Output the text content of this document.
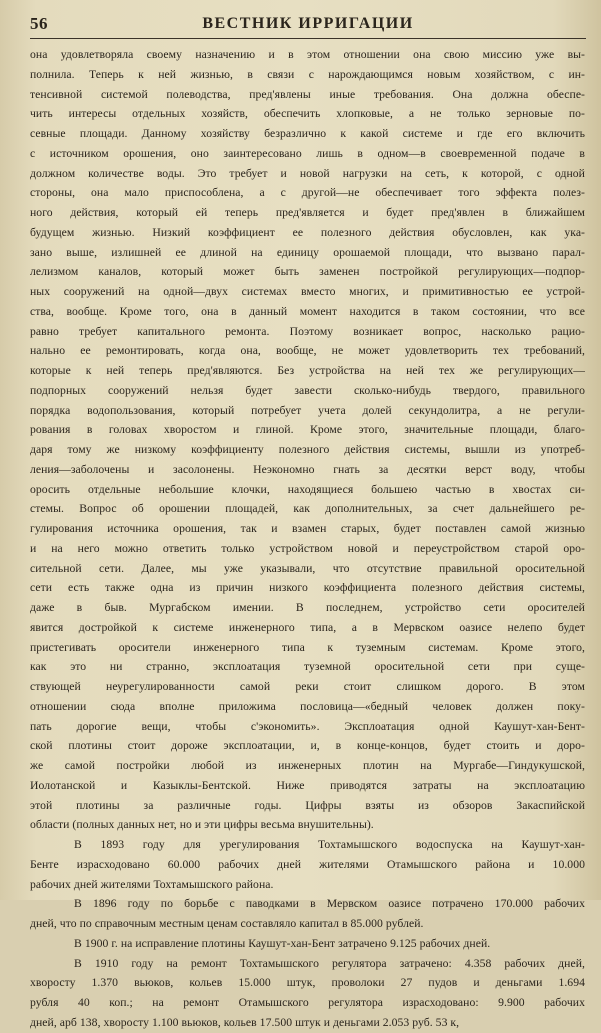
56	ВЕСТНИК ИРРИГАЦИИ
она удовлетворяла своему назначению и в этом отношении она свою миссию уже вы-
полнила. Теперь к ней жизнью, в связи с нарождающимся новым хозяйством, с ин-
тенсивной системой полеводства, пред'явлены иные требования. Она должна обеспе-
чить интересы отдельных хозяйств, обеспечить хлопковые, а не только зерновые по-
севные площади. Данному хозяйству безразлично к какой системе и где его включить
с источником орошения, оно заинтересовано лишь в одном—в своевременной подаче в
должном количестве воды. Это требует и новой нагрузки на сеть, к которой, с одной
стороны, она мало приспособлена, а с другой—не обеспечивает того эффекта полез-
ного действия, который ей теперь пред'является и будет пред'явлен в ближайшем
будущем жизнью. Низкий коэффициент ее полезного действия обусловлен, как ука-
зано выше, излишней ее длиной на единицу орошаемой площади, что вызвано парал-
лелизмом каналов, который может быть заменен постройкой регулирующих—подпор-
ных сооружений на одной—двух системах вместо многих, и примитивностью ее устрой-
ства, вообще. Кроме того, она в данный момент находится в таком состоянии, что все
равно требует капитального ремонта. Поэтому возникает вопрос, насколько рацио-
нально ее ремонтировать, когда она, вообще, не может удовлетворить тех требований,
которые к ней теперь пред'являются. Без устройства на ней тех же регулирующих—
подпорных сооружений нельзя будет завести сколько-нибудь твердого, правильного
порядка водопользования, который потребует учета долей секундолитра, а не регули-
рования в головах хворостом и глиной. Кроме этого, значительные площади, благо-
даря тому же низкому коэффициенту полезного действия системы, вышли из употреб-
ления—заболочены и засолонены. Неэкономно гнать за десятки верст воду, чтобы
оросить отдельные небольшие клочки, находящиеся большею частью в хвостах си-
стемы. Вопрос об орошении площадей, как дополнительных, за счет дальнейшего ре-
гулирования источника орошения, так и взамен старых, будет поставлен самой жизнью
и на него можно ответить только устройством новой и переустройством старой орo-
сительной сети. Далее, мы уже указывали, что отсутствие правильной оросительной
сети есть также одна из причин низкого коэффициента полезного действия системы,
даже в быв. Мургабском имении. В последнем, устройство сети оросителей
явится достройкой к системе инженерного типа, а в Мервском оазисе нелепо будет
пристегивать оросители инженерного типа к туземным системам. Кроме этого,
как это ни странно, эксплоатация туземной оросительной сети при суще-
ствующей неурегулированности самой реки стоит слишком дорого. В этом
отношении сюда вполне приложима пословица—«бедный человек должен поку-
пать дорогие вещи, чтобы с'экономить». Эксплоатация одной Каушут-хан-Бент-
ской плотины стоит дороже эксплоатации, и, в конце-концов, будет стоить и доро-
же самой постройки любой из инженерных плотин на Мургабе—Гиндукушской,
Иолотанской и Казыклы-Бентской. Ниже приводятся затраты на эксплоатацию
этой плотины за различные годы. Цифры взяты из обзоров Закаспийской
области (полных данных нет, но и эти цифры весьма внушительны).
В 1893 году для урегулирования Тохтамышского водоспуска на Каушут-хан-
Бенте израсходовано 60.000 рабочих дней жителями Отамышского района и 10.000
рабочих дней жителями Тохтамышского района.
В 1896 году по борьбе с паводками в Мервском оазисе потрачено 170.000 рабочих
дней, что по справочным местным ценам составляло капитал в 85.000 рублей.
В 1900 г. на исправление плотины Каушут-хан-Бент затрачено 9.125 рабочих дней.
В 1910 году на ремонт Тохтамышского регулятора затрачено: 4.358 рабочих дней,
хворосту 1.370 вьюков, кольев 15.000 штук, проволоки 27 пудов и деньгами 1.694
рубля 40 коп.; на ремонт Отамышского регулятора израсходовано: 9.900 рабочих
дней, арб 138, хворосту 1.100 вьюков, кольев 17.500 штук и деньгами 2.053 руб. 53 к,
